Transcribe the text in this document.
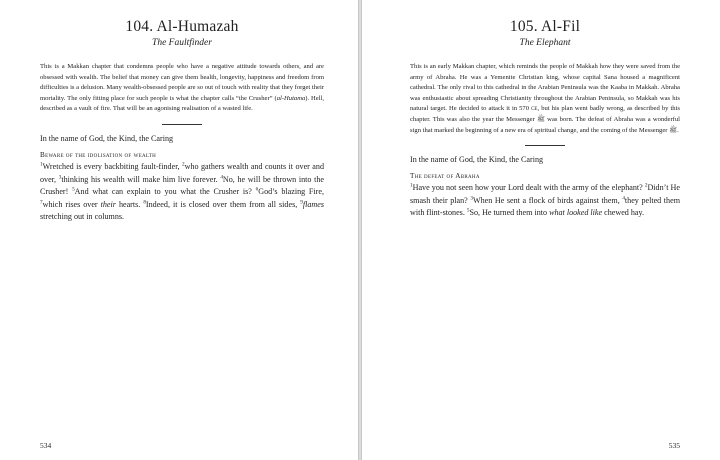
104. Al-Humazah
The Faultfinder

This is a Makkan chapter that condemns people who have a negative attitude towards others, and are obsessed with wealth. The belief that money can give them health, longevity, happiness and freedom from difficulties is a delusion. Many wealth-obsessed people are so out of touch with reality that they forget their mortality. The only fitting place for such people is what the chapter calls “the Crusher” (al-Hutama). Hell, described as a vault of fire. That will be an agonising realisation of a wasted life.

In the name of God, the Kind, the Caring

Beware of the idolisation of wealth

$^1$Wretched is every backbiting fault-finder, $^2$who gathers wealth and counts it over and over, $^3$thinking his wealth will make him live forever. $^4$No, he will be thrown into the Crusher! $^5$And what can explain to you what the Crusher is? $^6$God’s blazing Fire, $^7$which rises over their hearts. $^8$Indeed, it is closed over them from all sides, $^9$flames stretching out in columns.

534
105. Al-Fil
The Elephant

This is an early Makkan chapter, which reminds the people of Makkah how they were saved from the army of Abraha. He was a Yemenite Christian king, whose capital Sana housed a magnificent cathedral. The only rival to this cathedral in the Arabian Peninsula was the Kaaba in Makkah. Abraha was enthusiastic about spreading Christianity throughout the Arabian Peninsula, so Makkah was his natural target. He decided to attack it in 570 ce, but his plan went badly wrong, as described by this chapter. This was also the year the Messenger ﷺ was born. The defeat of Abraha was a wonderful sign that marked the beginning of a new era of spiritual change, and the coming of the Messenger ﷺ.

In the name of God, the Kind, the Caring

The defeat of Abraha

$^1$Have you not seen how your Lord dealt with the army of the elephant? $^2$Didn’t He smash their plan? $^3$When He sent a flock of birds against them, $^4$they pelted them with flint-stones. $^5$So, He turned them into what looked like chewed hay.

535
